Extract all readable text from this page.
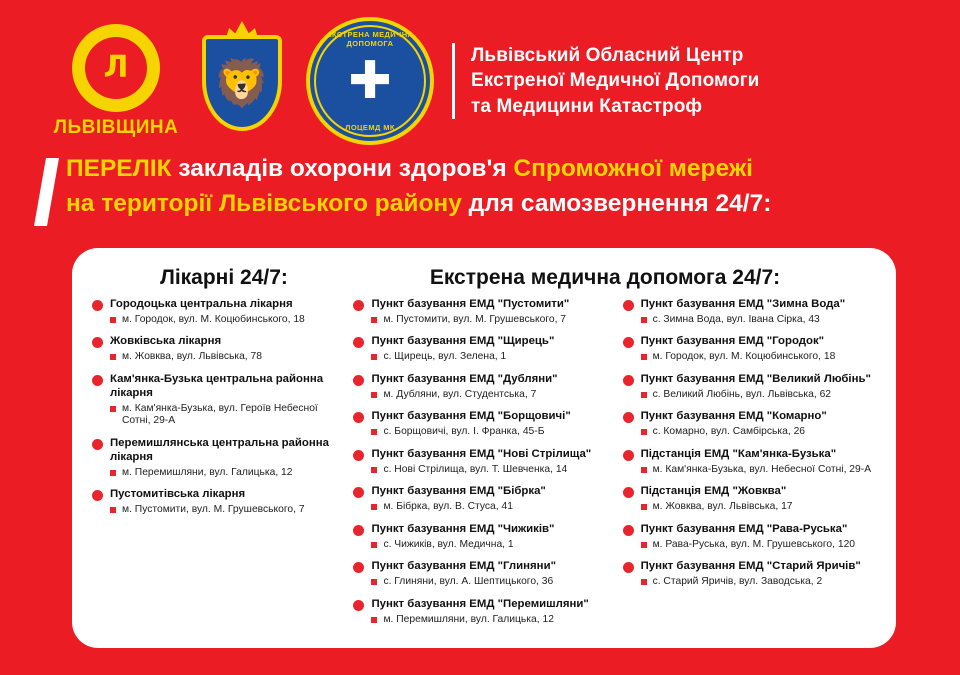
Л
ЛЬВІВЩИНА
🦁
ЕКСТРЕНА МЕДИЧНА ДОПОМОГА
✚
ЛОЦЕМД МК
Львівський Обласний Центр
Екстреної Медичної Допомоги
та Медицини Катастроф
ПЕРЕЛІК закладів охорони здоров'я Спроможної мережі
на території Львівського району для самозвернення 24/7:
Лікарні 24/7:	Екстрена медична допомога 24/7:
Городоцька центральна лікарня
м. Городок, вул. М. Коцюбинського, 18
Жовківська лікарня
м. Жовква, вул. Львівська, 78
Кам'янка-Бузька центральна районна лікарня
м. Кам'янка-Бузька, вул. Героїв Небесної Сотні, 29-А
Перемишлянська центральна районна лікарня
м. Перемишляни, вул. Галицька, 12
Пустомитівська лікарня
м. Пустомити, вул. М. Грушевського, 7
Пункт базування ЕМД "Пустомити"
м. Пустомити, вул. М. Грушевського, 7
Пункт базування ЕМД "Щирець"
с. Щирець, вул. Зелена, 1
Пункт базування ЕМД "Дубляни"
м. Дубляни, вул. Студентська, 7
Пункт базування ЕМД "Борщовичі"
с. Борщовичі, вул. І. Франка, 45-Б
Пункт базування ЕМД "Нові Стрілища"
с. Нові Стрілища, вул. Т. Шевченка, 14
Пункт базування ЕМД "Бібрка"
м. Бібрка, вул. В. Стуса, 41
Пункт базування ЕМД "Чижиків"
с. Чижиків, вул. Медична, 1
Пункт базування ЕМД "Глиняни"
с. Глиняни, вул. А. Шептицького, 36
Пункт базування ЕМД "Перемишляни"
м. Перемишляни, вул. Галицька, 12
Пункт базування ЕМД "Зимна Вода"
с. Зимна Вода, вул. Івана Сірка, 43
Пункт базування ЕМД "Городок"
м. Городок, вул. М. Коцюбинського, 18
Пункт базування ЕМД "Великий Любінь"
с. Великий Любінь, вул. Львівська, 62
Пункт базування ЕМД "Комарно"
с. Комарно, вул. Самбірська, 26
Підстанція ЕМД "Кам'янка-Бузька"
м. Кам'янка-Бузька, вул. Небесної Сотні, 29-А
Підстанція ЕМД "Жовква"
м. Жовква, вул. Львівська, 17
Пункт базування ЕМД "Рава-Руська"
м. Рава-Руська, вул. М. Грушевського, 120
Пункт базування ЕМД "Старий Яричів"
с. Старий Яричів, вул. Заводська, 2
